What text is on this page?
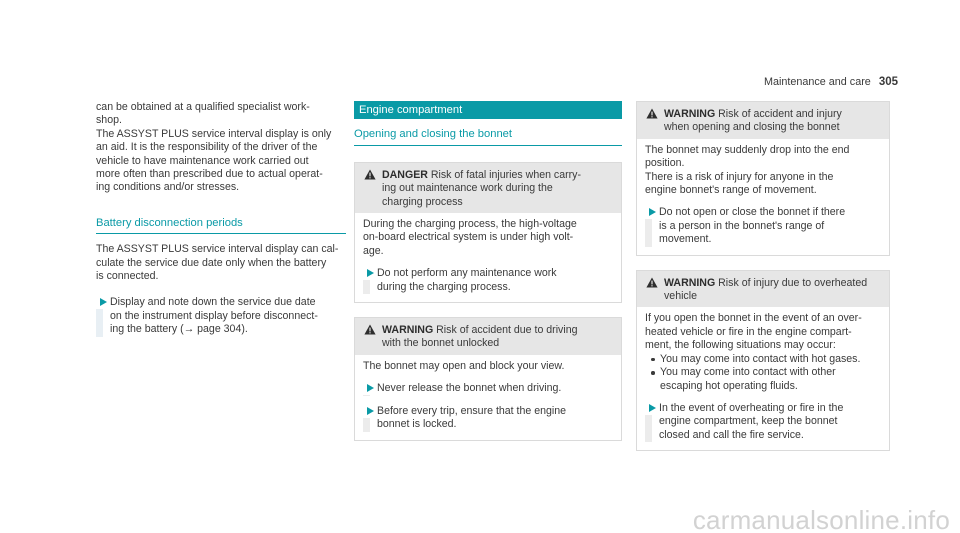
Maintenance and care 305

can be obtained at a qualified specialist work-

shop.

The ASSYST PLUS service interval display is only

an aid. It is the responsibility of the driver of the

vehicle to have maintenance work carried out

more often than prescribed due to actual operat-

ing conditions and/or stresses.

Battery disconnection periods

The ASSYST PLUS service interval display can cal-

culate the service due date only when the battery

is connected.

Display and note down the service due date

on the instrument display before disconnect-

ing the battery (→ page 304).

Engine compartment
Opening and closing the bonnet

DANGER Risk of fatal injuries when carry-

ing out maintenance work during the

charging process

During the charging process, the high-voltage

on-board electrical system is under high volt-

age.

Do not perform any maintenance work

during the charging process.

WARNING Risk of accident due to driving

with the bonnet unlocked

The bonnet may open and block your view.

Never release the bonnet when driving.

Before every trip, ensure that the engine

bonnet is locked.

WARNING Risk of accident and injury

when opening and closing the bonnet

The bonnet may suddenly drop into the end

position.

There is a risk of injury for anyone in the

engine bonnet's range of movement.

Do not open or close the bonnet if there

is a person in the bonnet's range of

movement.

WARNING Risk of injury due to overheated

vehicle

If you open the bonnet in the event of an over-

heated vehicle or fire in the engine compart-

ment, the following situations may occur:

You may come into contact with hot gases.

You may come into contact with other

escaping hot operating fluids.

In the event of overheating or fire in the

engine compartment, keep the bonnet

closed and call the fire service.

carmanualsonline.info
